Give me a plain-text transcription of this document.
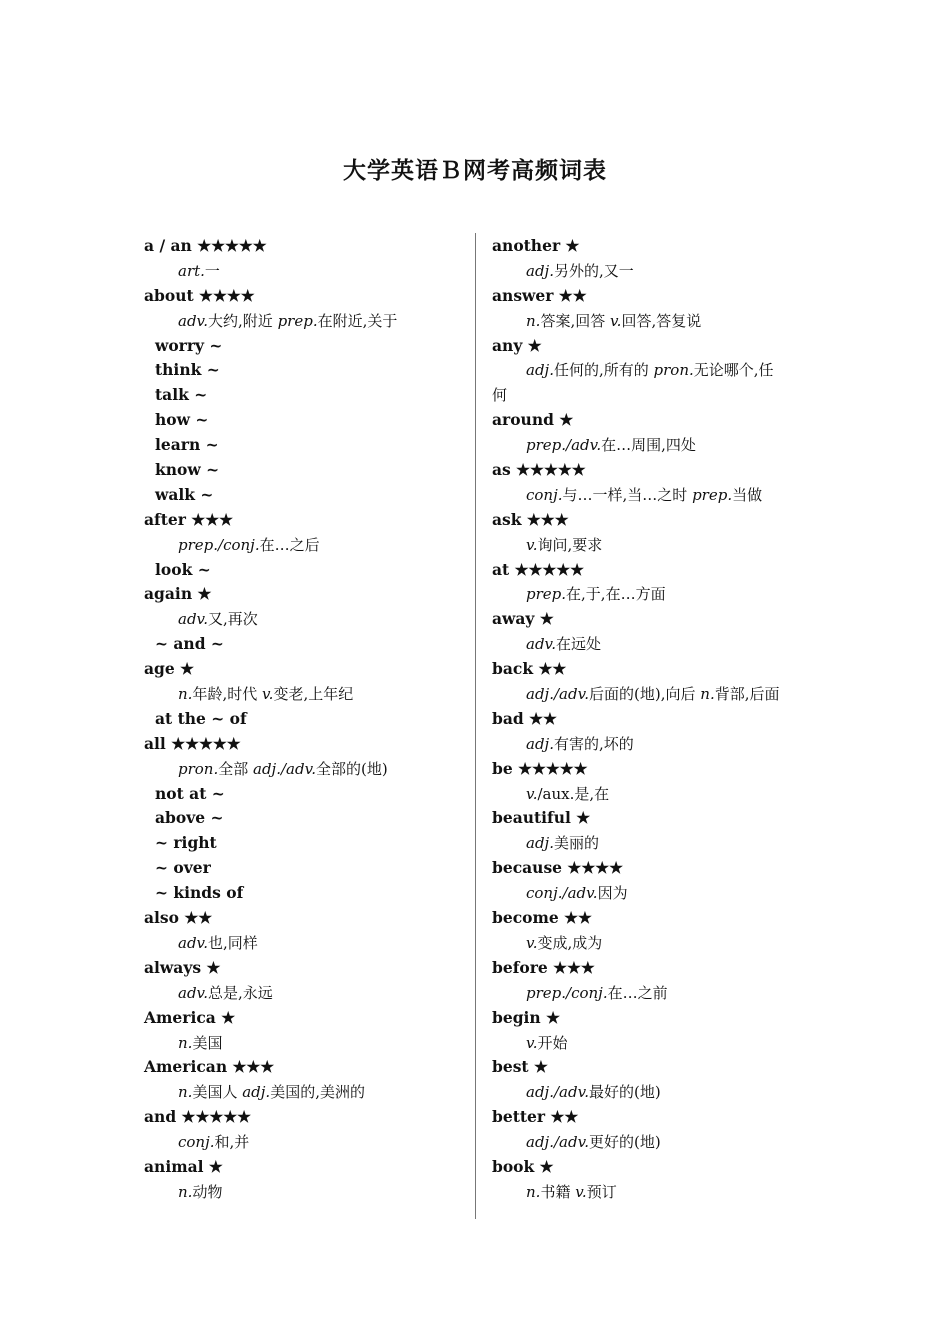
大学英语Ｂ网考高频词表
a / an ★★★★★
art.一
about ★★★★
adv.大约,附近 prep.在附近,关于
worry ~
think ~
talk ~
how ~
learn ~
know ~
walk ~
after ★★★
prep./conj.在…之后
look ~
again ★
adv.又,再次
~ and ~
age ★
n.年龄,时代 v.变老,上年纪
at the ~ of
all ★★★★★
pron.全部 adj./adv.全部的(地)
not at ~
above ~
~ right
~ over
~ kinds of
also ★★
adv.也,同样
always ★
adv.总是,永远
America ★
n.美国
American ★★★
n.美国人 adj.美国的,美洲的
and ★★★★★
conj.和,并
animal ★
n.动物
another ★
adj.另外的,又一
answer ★★
n.答案,回答 v.回答,答复说
any ★
adj.任何的,所有的 pron.无论哪个,任
何
around ★
prep./adv.在…周围,四处
as ★★★★★
conj.与…一样,当…之时 prep.当做
ask ★★★
v.询问,要求
at ★★★★★
prep.在,于,在…方面
away ★
adv.在远处
back ★★
adj./adv.后面的(地),向后 n.背部,后面
bad ★★
adj.有害的,坏的
be ★★★★★
v./aux.是,在
beautiful ★
adj.美丽的
because ★★★★
conj./adv.因为
become ★★
v.变成,成为
before ★★★
prep./conj.在…之前
begin ★
v.开始
best ★
adj./adv.最好的(地)
better ★★
adj./adv.更好的(地)
book ★
n.书籍 v.预订
